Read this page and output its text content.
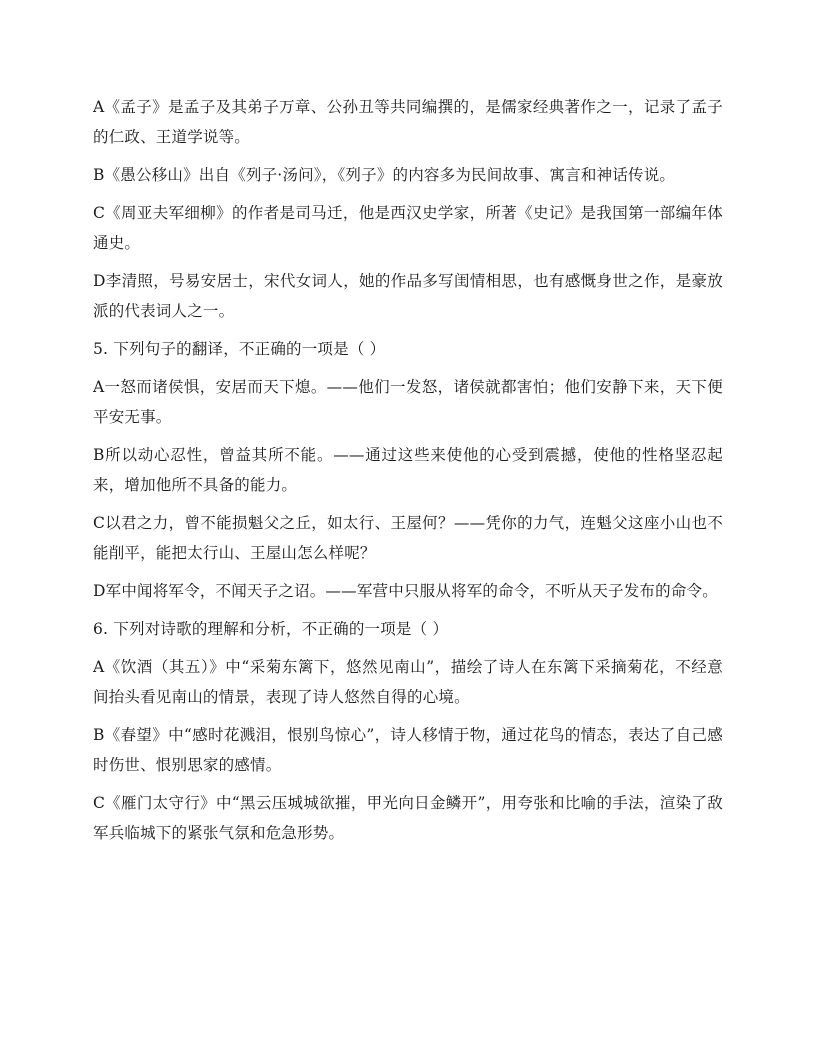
A《孟子》是孟子及其弟子万章、公孙丑等共同编撰的，是儒家经典著作之一，记录了孟子的仁政、王道学说等。

B《愚公移山》出自《列子·汤问》，《列子》的内容多为民间故事、寓言和神话传说。

C《周亚夫军细柳》的作者是司马迁，他是西汉史学家，所著《史记》是我国第一部编年体通史。

D李清照，号易安居士，宋代女词人，她的作品多写闺情相思，也有感慨身世之作，是豪放派的代表词人之一。

5. 下列句子的翻译，不正确的一项是（ ）

A一怒而诸侯惧，安居而天下熄。——他们一发怒，诸侯就都害怕；他们安静下来，天下便平安无事。

B所以动心忍性，曾益其所不能。——通过这些来使他的心受到震撼，使他的性格坚忍起来，增加他所不具备的能力。

C以君之力，曾不能损魁父之丘，如太行、王屋何？——凭你的力气，连魁父这座小山也不能削平，能把太行山、王屋山怎么样呢？

D军中闻将军令，不闻天子之诏。——军营中只服从将军的命令，不听从天子发布的命令。

6. 下列对诗歌的理解和分析，不正确的一项是（ ）

A《饮酒（其五）》中“采菊东篱下，悠然见南山”，描绘了诗人在东篱下采摘菊花，不经意间抬头看见南山的情景，表现了诗人悠然自得的心境。

B《春望》中“感时花溅泪，恨别鸟惊心”，诗人移情于物，通过花鸟的情态，表达了自己感时伤世、恨别思家的感情。

C《雁门太守行》中“黑云压城城欲摧，甲光向日金鳞开”，用夸张和比喻的手法，渲染了敌军兵临城下的紧张气氛和危急形势。
